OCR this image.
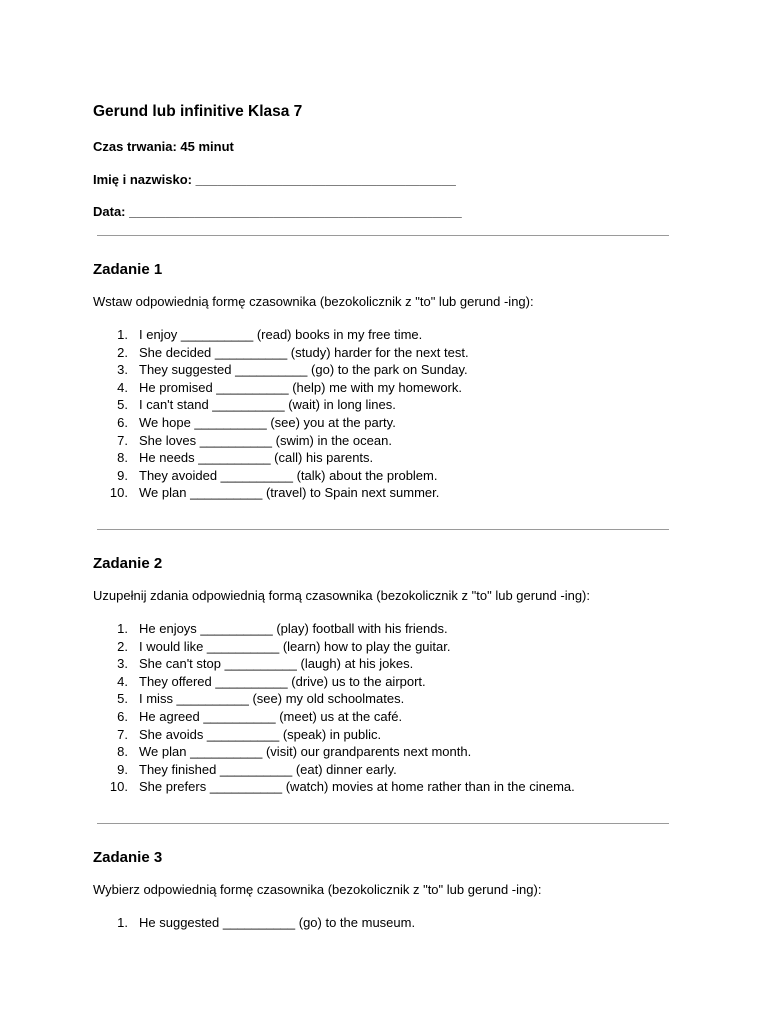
Gerund lub infinitive Klasa 7

Czas trwania: 45 minut

Imię i nazwisko: ____________________________________

Data: ______________________________________________

Zadanie 1

Wstaw odpowiednią formę czasownika (bezokolicznik z "to" lub gerund -ing):

1. I enjoy __________ (read) books in my free time.
2. She decided __________ (study) harder for the next test.
3. They suggested __________ (go) to the park on Sunday.
4. He promised __________ (help) me with my homework.
5. I can't stand __________ (wait) in long lines.
6. We hope __________ (see) you at the party.
7. She loves __________ (swim) in the ocean.
8. He needs __________ (call) his parents.
9. They avoided __________ (talk) about the problem.
10. We plan __________ (travel) to Spain next summer.
Zadanie 2

Uzupełnij zdania odpowiednią formą czasownika (bezokolicznik z "to" lub gerund -ing):

1. He enjoys __________ (play) football with his friends.
2. I would like __________ (learn) how to play the guitar.
3. She can't stop __________ (laugh) at his jokes.
4. They offered __________ (drive) us to the airport.
5. I miss __________ (see) my old schoolmates.
6. He agreed __________ (meet) us at the café.
7. She avoids __________ (speak) in public.
8. We plan __________ (visit) our grandparents next month.
9. They finished __________ (eat) dinner early.
10. She prefers __________ (watch) movies at home rather than in the cinema.
Zadanie 3

Wybierz odpowiednią formę czasownika (bezokolicznik z "to" lub gerund -ing):

1. He suggested __________ (go) to the museum.
